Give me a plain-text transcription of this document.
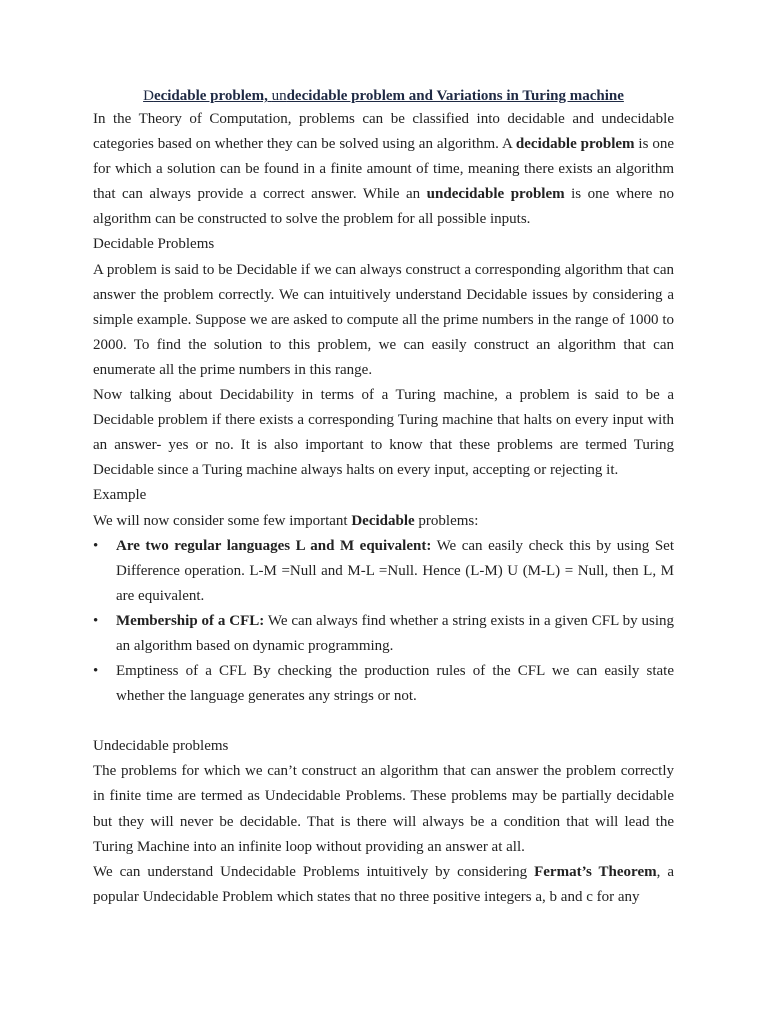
Decidable problem, undecidable problem and Variations in Turing machine

In the Theory of Computation, problems can be classified into decidable and undecidable categories based on whether they can be solved using an algorithm. A decidable problem is one for which a solution can be found in a finite amount of time, meaning there exists an algorithm that can always provide a correct answer. While an undecidable problem is one where no algorithm can be constructed to solve the problem for all possible inputs.

Decidable Problems

A problem is said to be Decidable if we can always construct a corresponding algorithm that can answer the problem correctly. We can intuitively understand Decidable issues by considering a simple example. Suppose we are asked to compute all the prime numbers in the range of 1000 to 2000. To find the solution to this problem, we can easily construct an algorithm that can enumerate all the prime numbers in this range.

Now talking about Decidability in terms of a Turing machine, a problem is said to be a Decidable problem if there exists a corresponding Turing machine that halts on every input with an answer- yes or no. It is also important to know that these problems are termed Turing Decidable since a Turing machine always halts on every input, accepting or rejecting it.

Example

We will now consider some few important Decidable problems:

• Are two regular languages L and M equivalent: We can easily check this by using Set Difference operation. L-M =Null and M-L =Null. Hence (L-M) U (M-L) = Null, then L, M are equivalent.
• Membership of a CFL: We can always find whether a string exists in a given CFL by using an algorithm based on dynamic programming.
• Emptiness of a CFL By checking the production rules of the CFL we can easily state whether the language generates any strings or not.

Undecidable problems

The problems for which we can’t construct an algorithm that can answer the problem correctly in finite time are termed as Undecidable Problems. These problems may be partially decidable but they will never be decidable. That is there will always be a condition that will lead the Turing Machine into an infinite loop without providing an answer at all.

We can understand Undecidable Problems intuitively by considering Fermat’s Theorem, a popular Undecidable Problem which states that no three positive integers a, b and c for any
